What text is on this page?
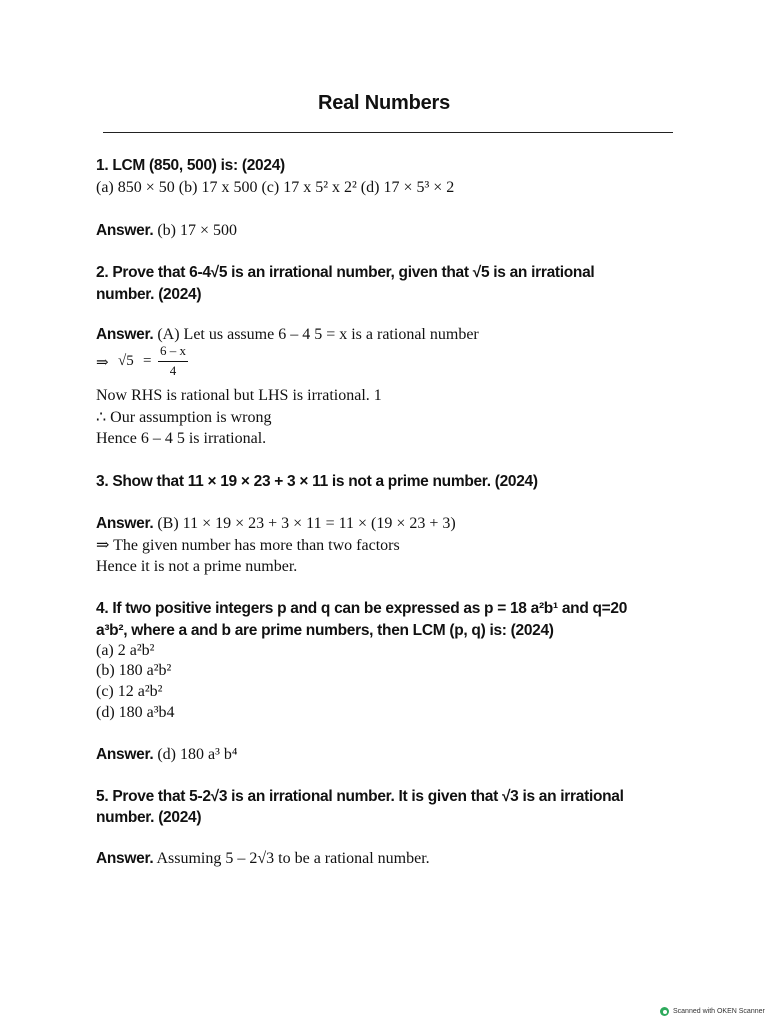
Real Numbers
1. LCM (850, 500) is: (2024)
(a) 850 × 50 (b) 17 x 500 (c) 17 x 5² x 2² (d) 17 × 5³ × 2
Answer. (b) 17 × 500
2. Prove that 6-4√5 is an irrational number, given that √5 is an irrational
number. (2024)
Answer. (A) Let us assume 6 – 4 5 = x is a rational number
⇒ √5 =
6 – x
4
Now RHS is rational but LHS is irrational. 1
∴ Our assumption is wrong
Hence 6 – 4 5 is irrational.
3. Show that 11 × 19 × 23 + 3 × 11 is not a prime number. (2024)
Answer. (B) 11 × 19 × 23 + 3 × 11 = 11 × (19 × 23 + 3)
⇒ The given number has more than two factors
Hence it is not a prime number.
4. If two positive integers p and q can be expressed as p = 18 a²b¹ and q=20
a³b², where a and b are prime numbers, then LCM (p, q) is: (2024)
(a) 2 a²b²
(b) 180 a²b²
(c) 12 a²b²
(d) 180 a³b4
Answer. (d) 180 a³ b⁴
5. Prove that 5-2√3 is an irrational number. It is given that √3 is an irrational
number. (2024)
Answer. Assuming 5 – 2√3 to be a rational number.
Scanned with OKEN Scanner
